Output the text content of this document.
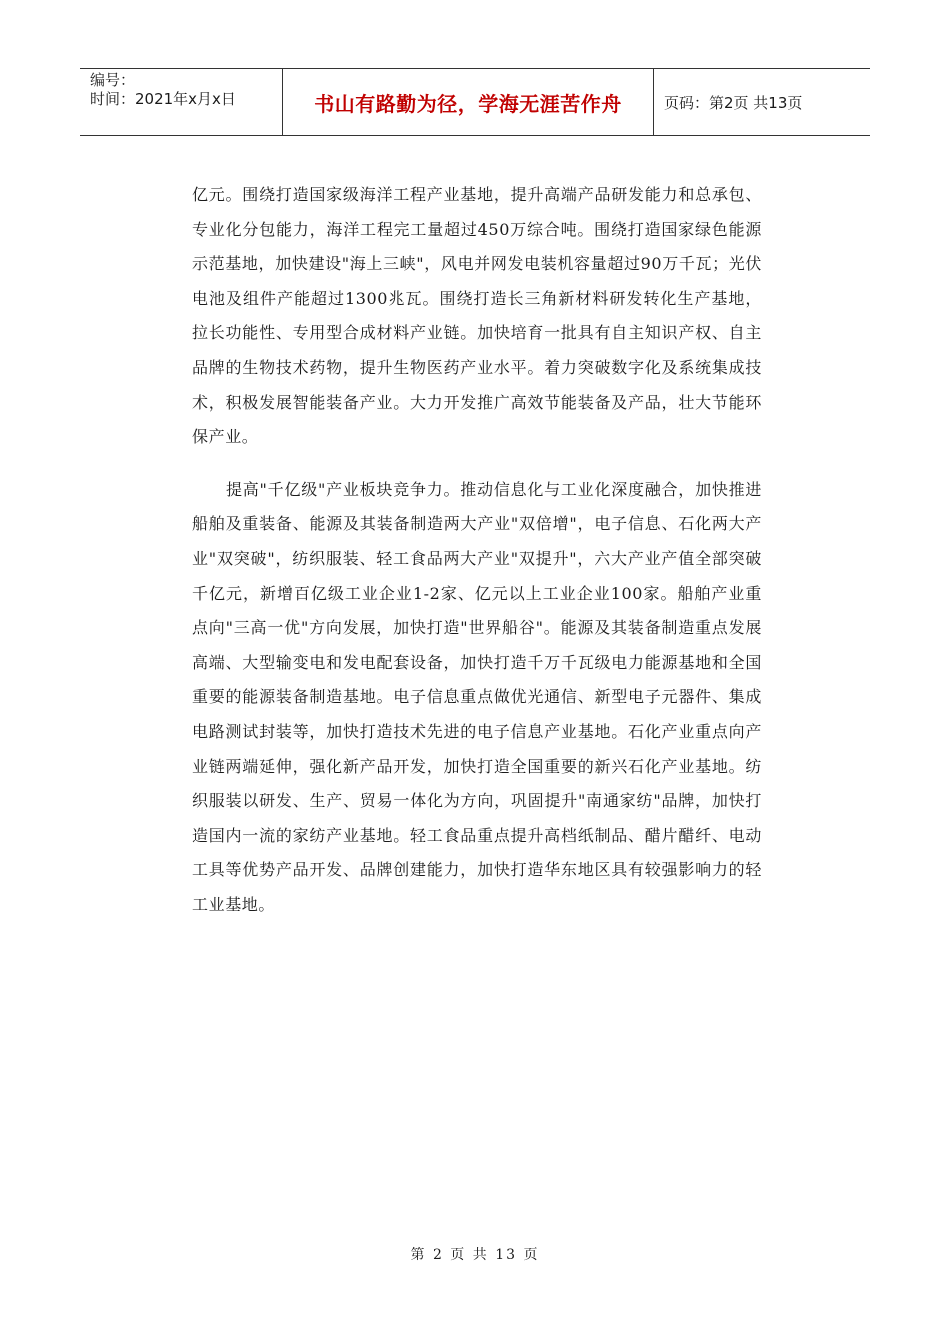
编号：
时间：2021年x月x日	书山有路勤为径，学海无涯苦作舟	页码：第2页 共13页

亿元。围绕打造国家级海洋工程产业基地，提升高端产品研发能力和总承包、专业化分包能力，海洋工程完工量超过450万综合吨。围绕打造国家绿色能源示范基地，加快建设"海上三峡"，风电并网发电装机容量超过90万千瓦；光伏电池及组件产能超过1300兆瓦。围绕打造长三角新材料研发转化生产基地，拉长功能性、专用型合成材料产业链。加快培育一批具有自主知识产权、自主品牌的生物技术药物，提升生物医药产业水平。着力突破数字化及系统集成技术，积极发展智能装备产业。大力开发推广高效节能装备及产品，壮大节能环保产业。

提高"千亿级"产业板块竞争力。推动信息化与工业化深度融合，加快推进船舶及重装备、能源及其装备制造两大产业"双倍增"，电子信息、石化两大产业"双突破"，纺织服装、轻工食品两大产业"双提升"，六大产业产值全部突破千亿元，新增百亿级工业企业1-2家、亿元以上工业企业100家。船舶产业重点向"三高一优"方向发展，加快打造"世界船谷"。能源及其装备制造重点发展高端、大型输变电和发电配套设备，加快打造千万千瓦级电力能源基地和全国重要的能源装备制造基地。电子信息重点做优光通信、新型电子元器件、集成电路测试封装等，加快打造技术先进的电子信息产业基地。石化产业重点向产业链两端延伸，强化新产品开发，加快打造全国重要的新兴石化产业基地。纺织服装以研发、生产、贸易一体化为方向，巩固提升"南通家纺"品牌，加快打造国内一流的家纺产业基地。轻工食品重点提升高档纸制品、醋片醋纤、电动工具等优势产品开发、品牌创建能力，加快打造华东地区具有较强影响力的轻工业基地。

第 2 页 共 13 页
